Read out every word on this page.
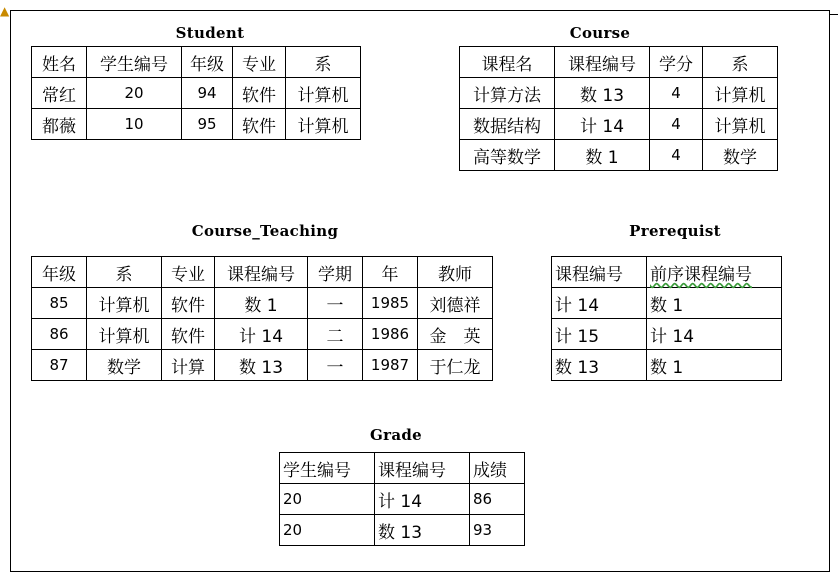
▲
Student
姓名	学生编号	年级	专业	系
常红	20	94	软件	计算机
都薇	10	95	软件	计算机
Course
课程名	课程编号	学分	系
计算方法	数 13	4	计算机
数据结构	计 14	4	计算机
高等数学	数 1	4	数学
Course_Teaching
年级	系	专业	课程编号	学期	年	教师
85	计算机	软件	数 1	一	1985	刘德祥
86	计算机	软件	计 14	二	1986	金　英
87	数学	计算	数 13	一	1987	于仁龙
Prerequist
课程编号	前序课程编号
计 14	数 1
计 15	计 14
数 13	数 1
Grade
学生编号	课程编号	成绩
20	计 14	86
20	数 13	93
